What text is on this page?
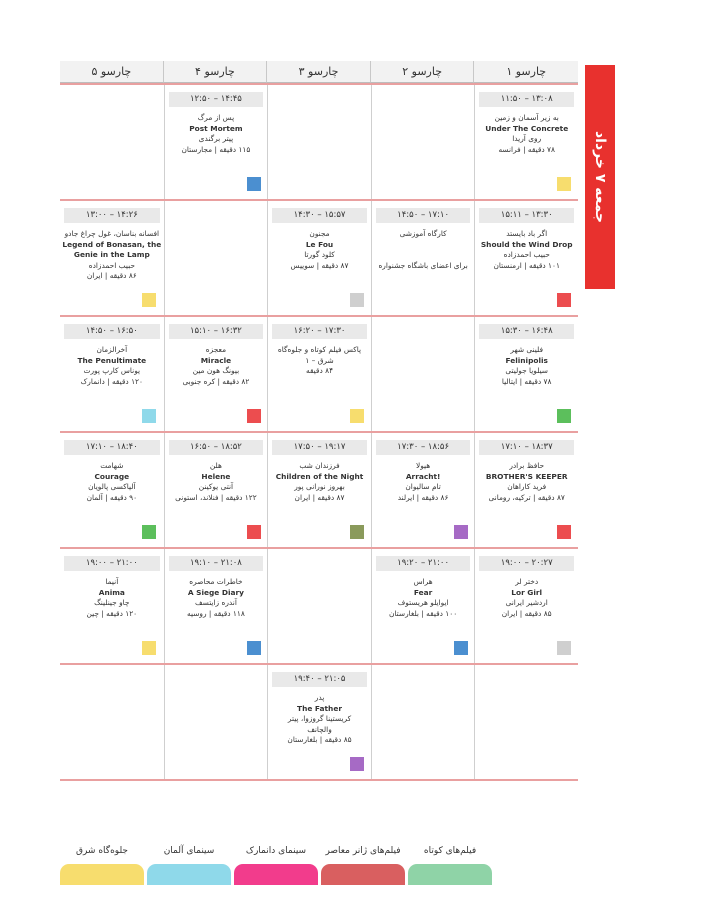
چارسو ۱
چارسو ۲
چارسو ۳
چارسو ۴
چارسو ۵
۱۱:۵۰ – ۱۳:۰۸
به زیر آسمان و زمین
Under The Concrete
روی آریدا
۷۸ دقیقه | فرانسه
۱۲:۵۰ – ۱۴:۴۵
پس از مرگ
Post Mortem
پیتر برگندی
۱۱۵ دقیقه | مجارستان
۱۵:۱۱ – ۱۳:۳۰
اگر باد بایستد
Should the Wind Drop
حبیب احمدزاده
۱۰۱ دقیقه | ارمنستان
۱۴:۵۰ – ۱۷:۱۰
کارگاه آموزشی

برای اعضای باشگاه جشنواره
۱۴:۳۰ – ۱۵:۵۷
مجنون
Le Fou
کلود گورتا
۸۷ دقیقه | سوییس
۱۳:۰۰ – ۱۴:۲۶
افسانه بناسان، غول چراغ جادو
Legend of Bonasan, the Genie in the Lamp
حبیب احمدزاده
۸۶ دقیقه | ایران
۱۵:۳۰ – ۱۶:۴۸
فلینی شهر
Felinipolis
سیلویا جولیتی
۷۸ دقیقه | ایتالیا
۱۶:۲۰ – ۱۷:۳۰
پاکس فیلم کوتاه و جلوه‌گاه
شرق – ۱
۸۴ دقیقه
۱۵:۱۰ – ۱۶:۳۲
معجزه
Miracle
بیونگ هون مین
۸۲ دقیقه | کره جنوبی
۱۴:۵۰ – ۱۶:۵۰
آخرالزمان
The Penultimate
یوناس کارپ پورت
۱۲۰ دقیقه | دانمارک
۱۷:۱۰ – ۱۸:۳۷
حافظ برادر
BROTHER'S KEEPER
فرید کاراهان
۸۷ دقیقه | ترکیه، رومانی
۱۷:۳۰ – ۱۸:۵۶
هیولا
Arracht!
تام سالیوان
۸۶ دقیقه | ایرلند
۱۷:۵۰ – ۱۹:۱۷
فرزندان شب
Children of the Night
بهروز نورانی پور
۸۷ دقیقه | ایران
۱۶:۵۰ – ۱۸:۵۲
هلن
Helene
آنتی یوکینن
۱۲۲ دقیقه | فنلاند، استونی
۱۷:۱۰ – ۱۸:۴۰
شهامت
Courage
آلیاکسی پالویان
۹۰ دقیقه | آلمان
۱۹:۰۰ – ۲۰:۲۷
دختر لر
Lor Girl
اردشیر ایرانی
۸۵ دقیقه | ایران
۱۹:۲۰ – ۲۱:۰۰
هراس
Fear
ایوایلو هریستوف
۱۰۰ دقیقه | بلغارستان
۱۹:۱۰ – ۲۱:۰۸
خاطرات محاصره
A Siege Diary
آندره زایتسف
۱۱۸ دقیقه | روسیه
۱۹:۰۰ – ۲۱:۰۰
آنیما
Anima
چاو جینلینگ
۱۲۰ دقیقه | چین
۱۹:۴۰ – ۲۱:۰۵
پدر
The Father
کریستینا گروزوا، پیتر
والچانف
۸۵ دقیقه | بلغارستان
جمعه ۷ خرداد
فیلم‌های کوتاه
فیلم‌های ژانر معاصر
سینمای دانمارک
سینمای آلمان
جلوه‌گاه شرق
